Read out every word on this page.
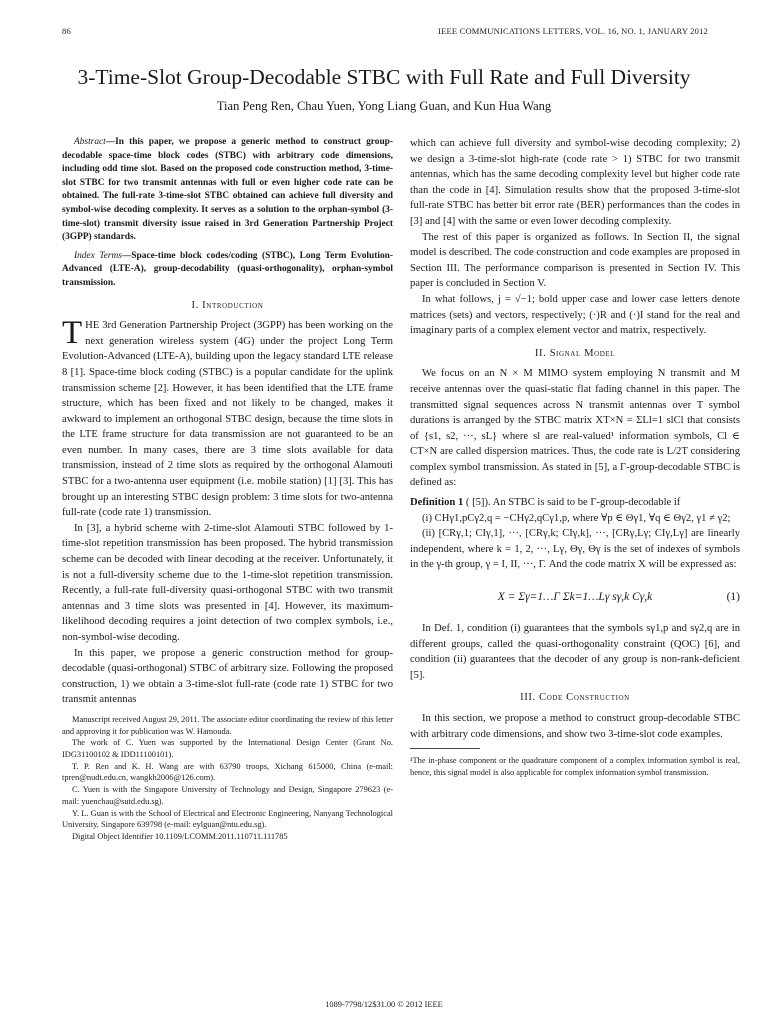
86	IEEE COMMUNICATIONS LETTERS, VOL. 16, NO. 1, JANUARY 2012
3-Time-Slot Group-Decodable STBC with Full Rate and Full Diversity
Tian Peng Ren, Chau Yuen, Yong Liang Guan, and Kun Hua Wang

Abstract—In this paper, we propose a generic method to construct group-decodable space-time block codes (STBC) with arbitrary code dimensions, including odd time slot. Based on the proposed code construction method, 3-time-slot STBC for two transmit antennas with full or even higher code rate can be obtained. The full-rate 3-time-slot STBC obtained can achieve full diversity and symbol-wise decoding complexity. It serves as a solution to the orphan-symbol (3-time-slot) transmit diversity issue raised in 3rd Generation Partnership Project (3GPP) standards.

Index Terms—Space-time block codes/coding (STBC), Long Term Evolution-Advanced (LTE-A), group-decodability (quasi-orthogonality), orphan-symbol transmission.

I. Introduction

THE 3rd Generation Partnership Project (3GPP) has been working on the next generation wireless system (4G) under the project Long Term Evolution-Advanced (LTE-A), building upon the legacy standard LTE release 8 [1]. Space-time block coding (STBC) is a popular candidate for the uplink transmission scheme [2]. However, it has been identified that the LTE frame structure, which has been fixed and not likely to be changed, makes it awkward to implement an orthogonal STBC design, because the time slots in the LTE frame structure for data transmission are not guaranteed to be an even number. In many cases, there are 3 time slots available for data transmission, instead of 2 time slots as required by the orthogonal Alamouti STBC for a two-antenna user equipment (i.e. mobile station) [1] [3]. This has brought up an interesting STBC design problem: 3 time slots for two-antenna full-rate (code rate 1) transmission.

In [3], a hybrid scheme with 2-time-slot Alamouti STBC followed by 1-time-slot repetition transmission has been proposed. The hybrid transmission scheme can be decoded with linear decoding at the receiver. Unfortunately, it is not a full-diversity scheme due to the 1-time-slot repetition transmission. Recently, a full-rate full-diversity quasi-orthogonal STBC with two transmit antennas and 3 time slots was presented in [4]. However, its maximum-likelihood decoding requires a joint detection of two complex symbols, i.e., non-symbol-wise decoding.

In this paper, we propose a generic construction method for group-decodable (quasi-orthogonal) STBC of arbitrary size. Following the proposed construction, 1) we obtain a 3-time-slot full-rate (code rate 1) STBC for two transmit antennas

Manuscript received August 29, 2011. The associate editor coordinating the review of this letter and approving it for publication was W. Hamouda.

The work of C. Yuen was supported by the International Design Center (Grant No. IDG31100102 & IDD11100101).

T. P. Ren and K. H. Wang are with 63790 troops, Xichang 615000, China (e-mail: tpren@nudt.edu.cn, wangkh2006@126.com).

C. Yuen is with the Singapore University of Technology and Design, Singapore 279623 (e-mail: yuenchau@sutd.edu.sg).

Y. L. Guan is with the School of Electrical and Electronic Engineering, Nanyang Technological University, Singapore 639798 (e-mail: eylguan@ntu.edu.sg).

Digital Object Identifier 10.1109/LCOMM.2011.110711.111785

which can achieve full diversity and symbol-wise decoding complexity; 2) we design a 3-time-slot high-rate (code rate > 1) STBC for two transmit antennas, which has the same decoding complexity level but higher code rate than the code in [4]. Simulation results show that the proposed 3-time-slot full-rate STBC has better bit error rate (BER) performances than the codes in [3] and [4] with the same or even lower decoding complexity.

The rest of this paper is organized as follows. In Section II, the signal model is described. The code construction and code examples are proposed in Section III. The performance comparison is presented in Section IV. This paper is concluded in Section V.

In what follows, j = √−1; bold upper case and lower case letters denote matrices (sets) and vectors, respectively; (·)R and (·)I stand for the real and imaginary parts of a complex element vector and matrix, respectively.

II. Signal Model

We focus on an N × M MIMO system employing N transmit and M receive antennas over the quasi-static flat fading channel in this paper. The transmitted signal sequences across N transmit antennas over T symbol durations is arranged by the STBC matrix XT×N = ΣLl=1 slCl that consists of {s1, s2, ···, sL} where sl are real-valued¹ information symbols, Cl ∈ CT×N are called dispersion matrices. Thus, the code rate is L/2T considering complex symbol transmission. As stated in [5], a Γ-group-decodable STBC is defined as:

Definition 1 ( [5]). An STBC is said to be Γ-group-decodable if

(i) CHγ1,pCγ2,q = −CHγ2,qCγ1,p, where ∀p ∈ Θγ1, ∀q ∈ Θγ2, γ1 ≠ γ2;

(ii) [CRγ,1; CIγ,1], ···, [CRγ,k; CIγ,k], ···, [CRγ,Lγ; CIγ,Lγ] are linearly independent, where k = 1, 2, ···, Lγ, Θγ, Θγ is the set of indexes of symbols in the γ-th group, γ = I, II, ···, Γ. And the code matrix X will be expressed as:

X = Σγ=1…Γ Σk=1…Lγ sγ,k Cγ,k	(1)

In Def. 1, condition (i) guarantees that the symbols sγ1,p and sγ2,q are in different groups, called the quasi-orthogonality constraint (QOC) [6], and condition (ii) guarantees that the decoder of any group is non-rank-deficient [5].

III. Code Construction

In this section, we propose a method to construct group-decodable STBC with arbitrary code dimensions, and show two 3-time-slot code examples.

¹The in-phase component or the quadrature component of a complex information symbol is real, hence, this signal model is also applicable for complex information symbol transmission.
1089-7798/12$31.00 © 2012 IEEE
